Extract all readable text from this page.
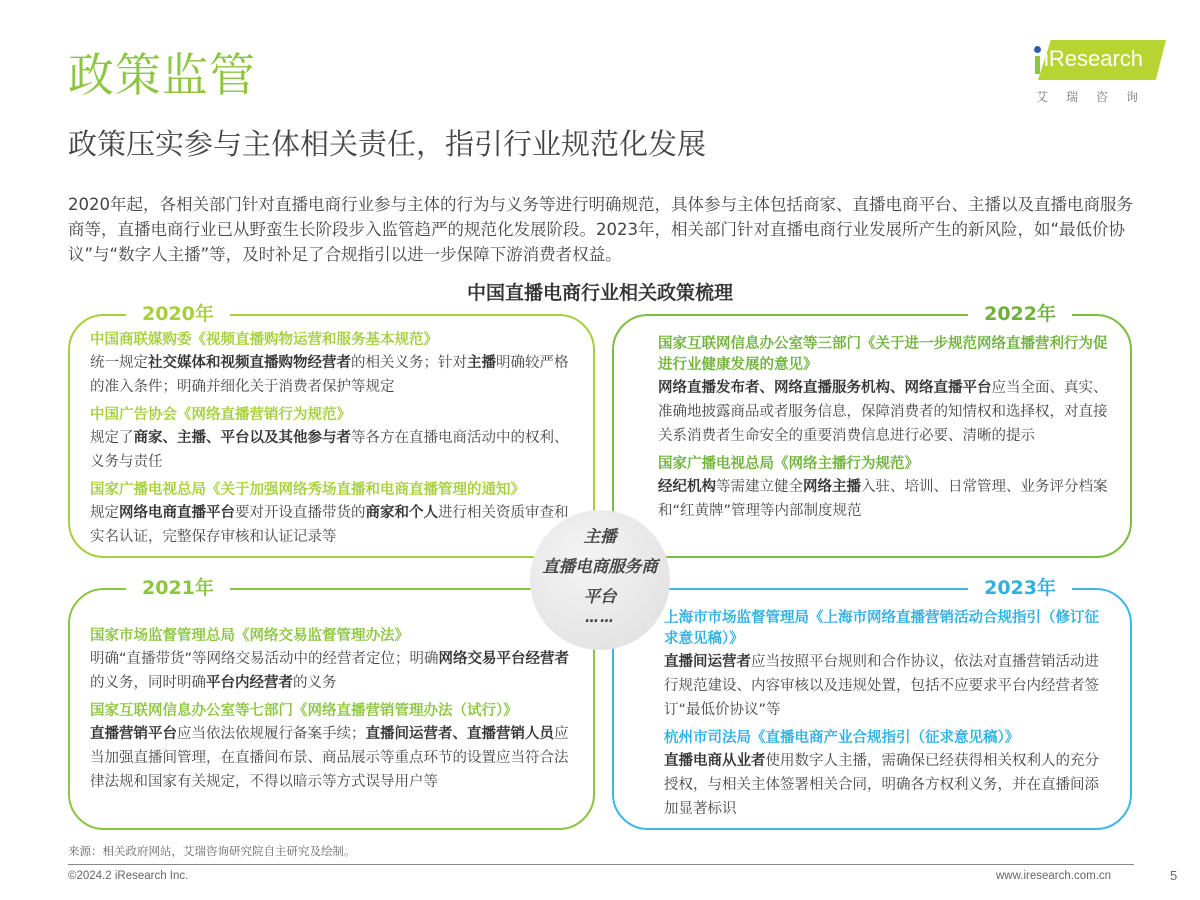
政策监管
政策压实参与主体相关责任，指引行业规范化发展
iResearch
艾瑞咨询
2020年起，各相关部门针对直播电商行业参与主体的行为与义务等进行明确规范，具体参与主体包括商家、直播电商平台、主播以及直播电商服务商等，直播电商行业已从野蛮生长阶段步入监管趋严的规范化发展阶段。2023年，相关部门针对直播电商行业发展所产生的新风险，如“最低价协议”与“数字人主播”等，及时补足了合规指引以进一步保障下游消费者权益。
中国直播电商行业相关政策梳理
2020年
中国商联媒购委《视频直播购物运营和服务基本规范》
统一规定社交媒体和视频直播购物经营者的相关义务；针对主播明确较严格的准入条件；明确并细化关于消费者保护等规定
中国广告协会《网络直播营销行为规范》
规定了商家、主播、平台以及其他参与者等各方在直播电商活动中的权利、义务与责任
国家广播电视总局《关于加强网络秀场直播和电商直播管理的通知》
规定网络电商直播平台要对开设直播带货的商家和个人进行相关资质审查和实名认证，完整保存审核和认证记录等
2022年
国家互联网信息办公室等三部门《关于进一步规范网络直播营利行为促进行业健康发展的意见》
网络直播发布者、网络直播服务机构、网络直播平台应当全面、真实、准确地披露商品或者服务信息，保障消费者的知情权和选择权，对直接关系消费者生命安全的重要消费信息进行必要、清晰的提示
国家广播电视总局《网络主播行为规范》
经纪机构等需建立健全网络主播入驻、培训、日常管理、业务评分档案和“红黄牌”管理等内部制度规范
2021年
国家市场监督管理总局《网络交易监督管理办法》
明确“直播带货”等网络交易活动中的经营者定位；明确网络交易平台经营者的义务，同时明确平台内经营者的义务
国家互联网信息办公室等七部门《网络直播营销管理办法（试行）》
直播营销平台应当依法依规履行备案手续；直播间运营者、直播营销人员应当加强直播间管理，在直播间布景、商品展示等重点环节的设置应当符合法律法规和国家有关规定，不得以暗示等方式误导用户等
2023年
上海市市场监督管理局《上海市网络直播营销活动合规指引（修订征求意见稿）》
直播间运营者应当按照平台规则和合作协议，依法对直播营销活动进行规范建设、内容审核以及违规处置，包括不应要求平台内经营者签订“最低价协议”等
杭州市司法局《直播电商产业合规指引（征求意见稿）》
直播电商从业者使用数字人主播，需确保已经获得相关权利人的充分授权，与相关主体签署相关合同，明确各方权利义务，并在直播间添加显著标识
主播
直播电商服务商
平台
……
来源：相关政府网站，艾瑞咨询研究院自主研究及绘制。
©2024.2 iResearch Inc.	www.iresearch.com.cn	5
